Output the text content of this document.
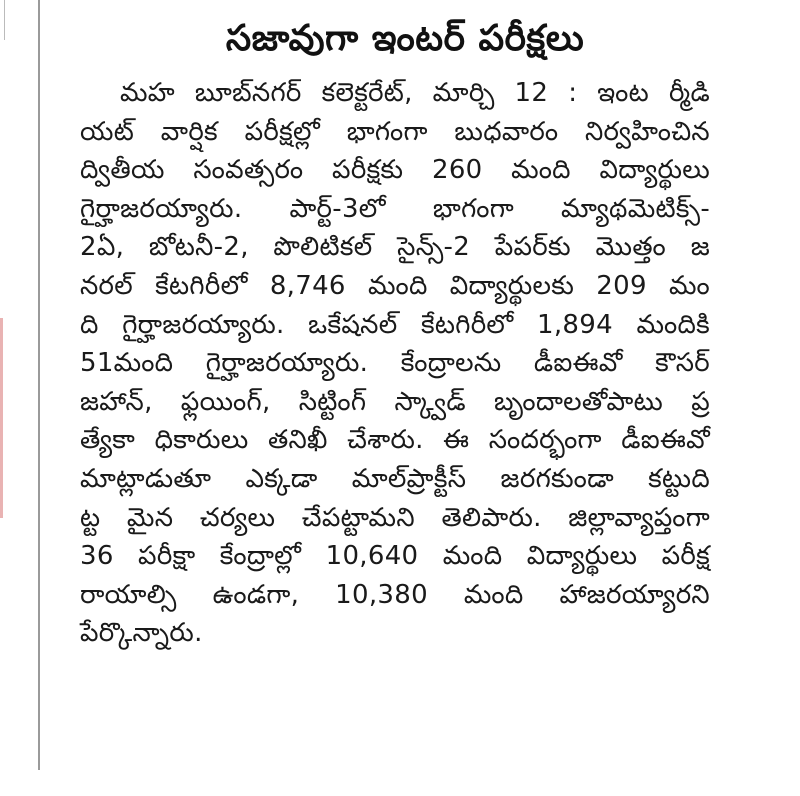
సజావుగా ఇంటర్ పరీక్షలు
మహ బూబ్‌నగర్ కలెక్టరేట్, మార్చి 12 : ఇంట ర్మీడి
యట్ వార్షిక పరీక్షల్లో భాగంగా బుధవారం నిర్వహించిన
ద్వితీయ సంవత్సరం పరీక్షకు 260 మంది విద్యార్థులు
గైర్హాజరయ్యారు. పార్ట్-3లో భాగంగా మ్యాథమెటిక్స్-
2ఏ, బోటనీ-2, పొలిటికల్ సైన్స్-2 పేపర్‌కు మొత్తం జ
నరల్ కేటగిరీలో 8,746 మంది విద్యార్థులకు 209 మం
ది గైర్హాజరయ్యారు. ఒకేషనల్ కేటగిరీలో 1,894 మందికి
51మంది గైర్హాజరయ్యారు. కేంద్రాలను డీఐఈవో కౌసర్
జహాన్, ఫ్లయింగ్, సిట్టింగ్ స్క్వాడ్ బృందాలతోపాటు ప్ర
త్యేకా ధికారులు తనిఖీ చేశారు. ఈ సందర్భంగా డీఐఈవో
మాట్లాడుతూ ఎక్కడా మాల్‌ప్రాక్టీస్ జరగకుండా కట్టుది
ట్ట మైన చర్యలు చేపట్టామని తెలిపారు. జిల్లావ్యాప్తంగా
36 పరీక్షా కేంద్రాల్లో 10,640 మంది విద్యార్థులు పరీక్ష
రాయాల్సి ఉండగా, 10,380 మంది హాజరయ్యారని
పేర్కొన్నారు.
